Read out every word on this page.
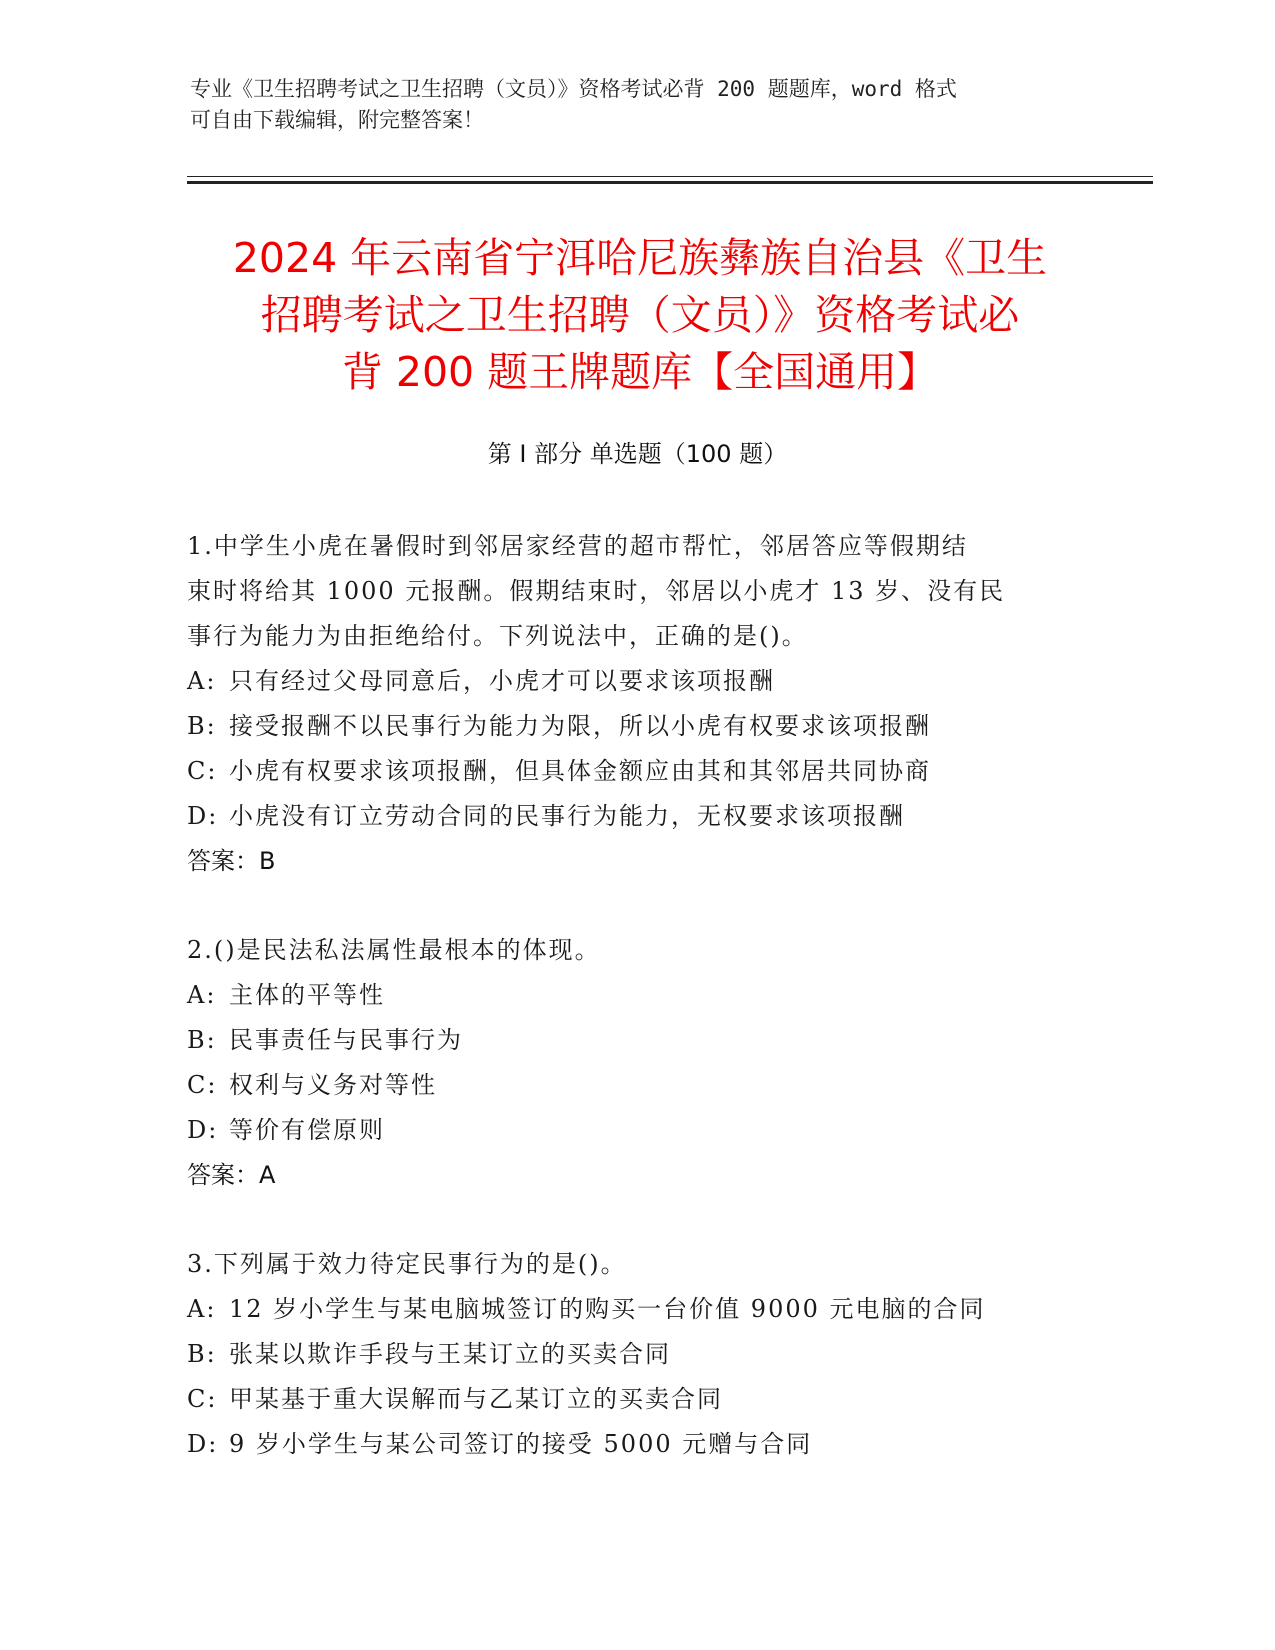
专业《卫生招聘考试之卫生招聘（文员）》资格考试必背 200 题题库，word 格式
可自由下载编辑，附完整答案！
2024 年云南省宁洱哈尼族彝族自治县《卫生
招聘考试之卫生招聘（文员）》资格考试必
背 200 题王牌题库【全国通用】
第 I 部分 单选题（100 题）
1.中学生小虎在暑假时到邻居家经营的超市帮忙，邻居答应等假期结
束时将给其 1000 元报酬。假期结束时，邻居以小虎才 13 岁、没有民
事行为能力为由拒绝给付。下列说法中，正确的是()。
A: 只有经过父母同意后，小虎才可以要求该项报酬
B: 接受报酬不以民事行为能力为限，所以小虎有权要求该项报酬
C: 小虎有权要求该项报酬，但具体金额应由其和其邻居共同协商
D: 小虎没有订立劳动合同的民事行为能力，无权要求该项报酬
答案：B
2.()是民法私法属性最根本的体现。
A: 主体的平等性
B: 民事责任与民事行为
C: 权利与义务对等性
D: 等价有偿原则
答案：A
3.下列属于效力待定民事行为的是()。
A: 12 岁小学生与某电脑城签订的购买一台价值 9000 元电脑的合同
B: 张某以欺诈手段与王某订立的买卖合同
C: 甲某基于重大误解而与乙某订立的买卖合同
D: 9 岁小学生与某公司签订的接受 5000 元赠与合同
